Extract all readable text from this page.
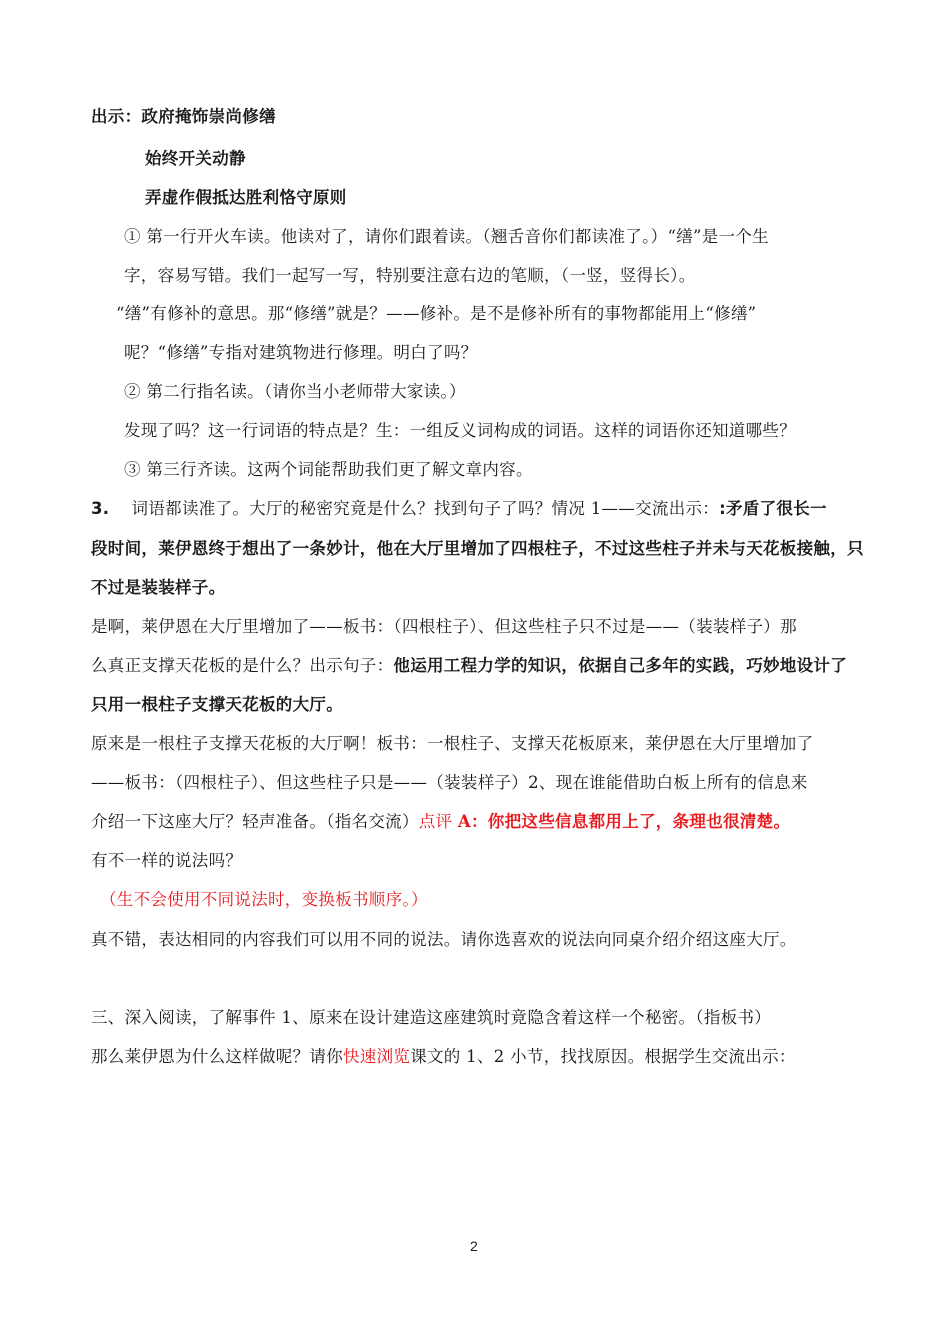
出示：政府掩饰崇尚修缮
始终开关动静
弄虚作假抵达胜利恪守原则
① 第一行开火车读。他读对了，请你们跟着读。（翘舌音你们都读准了。）“缮”是一个生
字，容易写错。我们一起写一写，特别要注意右边的笔顺，（一竖，竖得长）。
“缮”有修补的意思。那“修缮”就是？——修补。是不是修补所有的事物都能用上“修缮”
呢？“修缮”专指对建筑物进行修理。明白了吗？
② 第二行指名读。（请你当小老师带大家读。）
发现了吗？这一行词语的特点是？生：一组反义词构成的词语。这样的词语你还知道哪些？
③ 第三行齐读。这两个词能帮助我们更了解文章内容。
3. 词语都读准了。大厅的秘密究竟是什么？找到句子了吗？情况 1——交流出示：:矛盾了很长一
段时间，莱伊恩终于想出了一条妙计，他在大厅里增加了四根柱子，不过这些柱子并未与天花板接触，只
不过是装装样子。
是啊，莱伊恩在大厅里增加了——板书：（四根柱子）、但这些柱子只不过是——（装装样子）那
么真正支撑天花板的是什么？出示句子：他运用工程力学的知识，依据自己多年的实践，巧妙地设计了
只用一根柱子支撑天花板的大厅。
原来是一根柱子支撑天花板的大厅啊！板书：一根柱子、支撑天花板原来，莱伊恩在大厅里增加了
——板书：（四根柱子）、但这些柱子只是——（装装样子）2、现在谁能借助白板上所有的信息来
介绍一下这座大厅？轻声准备。（指名交流）点评 A：你把这些信息都用上了，条理也很清楚。
有不一样的说法吗？
（生不会使用不同说法时，变换板书顺序。）
真不错，表达相同的内容我们可以用不同的说法。请你选喜欢的说法向同桌介绍介绍这座大厅。
三、深入阅读，了解事件 1、原来在设计建造这座建筑时竟隐含着这样一个秘密。（指板书）
那么莱伊恩为什么这样做呢？请你快速浏览课文的 1、2 小节，找找原因。根据学生交流出示：
2
